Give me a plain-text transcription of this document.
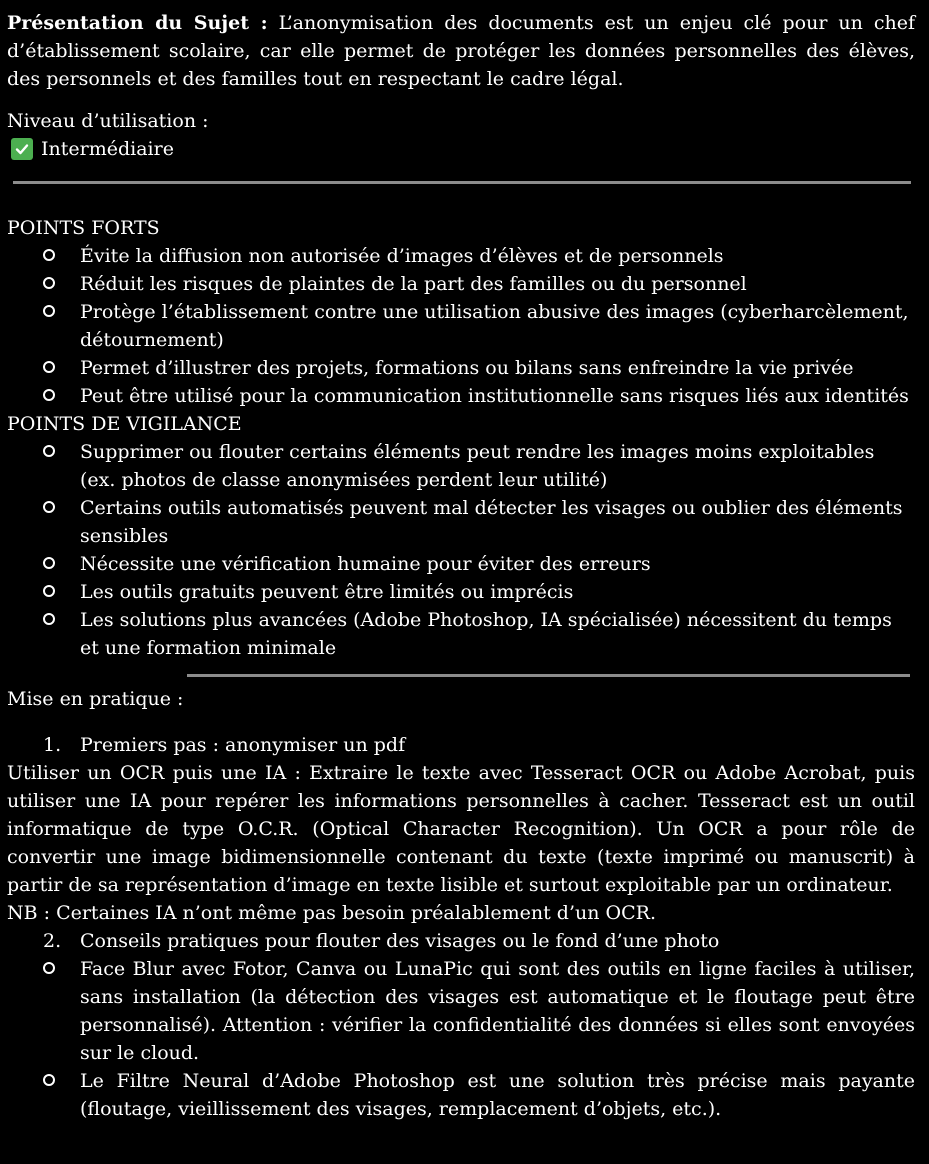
Présentation du Sujet : L’anonymisation des documents est un enjeu clé pour un chef d’établissement scolaire, car elle permet de protéger les données personnelles des élèves, des personnels et des familles tout en respectant le cadre légal.

Niveau d’utilisation :

Intermédiaire

POINTS FORTS

Évite la diffusion non autorisée d’images d’élèves et de personnels
Réduit les risques de plaintes de la part des familles ou du personnel
Protège l’établissement contre une utilisation abusive des images (cyberharcèlement, détournement)
Permet d’illustrer des projets, formations ou bilans sans enfreindre la vie privée
Peut être utilisé pour la communication institutionnelle sans risques liés aux identités

POINTS DE VIGILANCE

Supprimer ou flouter certains éléments peut rendre les images moins exploitables (ex. photos de classe anonymisées perdent leur utilité)
Certains outils automatisés peuvent mal détecter les visages ou oublier des éléments sensibles
Nécessite une vérification humaine pour éviter des erreurs
Les outils gratuits peuvent être limités ou imprécis
Les solutions plus avancées (Adobe Photoshop, IA spécialisée) nécessitent du temps et une formation minimale

Mise en pratique :

1. Premiers pas : anonymiser un pdf

Utiliser un OCR puis une IA : Extraire le texte avec Tesseract OCR ou Adobe Acrobat, puis utiliser une IA pour repérer les informations personnelles à cacher. Tesseract est un outil informatique de type O.C.R. (Optical Character Recognition). Un OCR a pour rôle de convertir une image bidimensionnelle contenant du texte (texte imprimé ou manuscrit) à partir de sa représentation d’image en texte lisible et surtout exploitable par un ordinateur.

NB : Certaines IA n’ont même pas besoin préalablement d’un OCR.

2. Conseils pratiques pour flouter des visages ou le fond d’une photo

Face Blur avec Fotor, Canva ou LunaPic qui sont des outils en ligne faciles à utiliser, sans installation (la détection des visages est automatique et le floutage peut être personnalisé). Attention : vérifier la confidentialité des données si elles sont envoyées sur le cloud.
Le Filtre Neural d’Adobe Photoshop est une solution très précise mais payante (floutage, vieillissement des visages, remplacement d’objets, etc.).
